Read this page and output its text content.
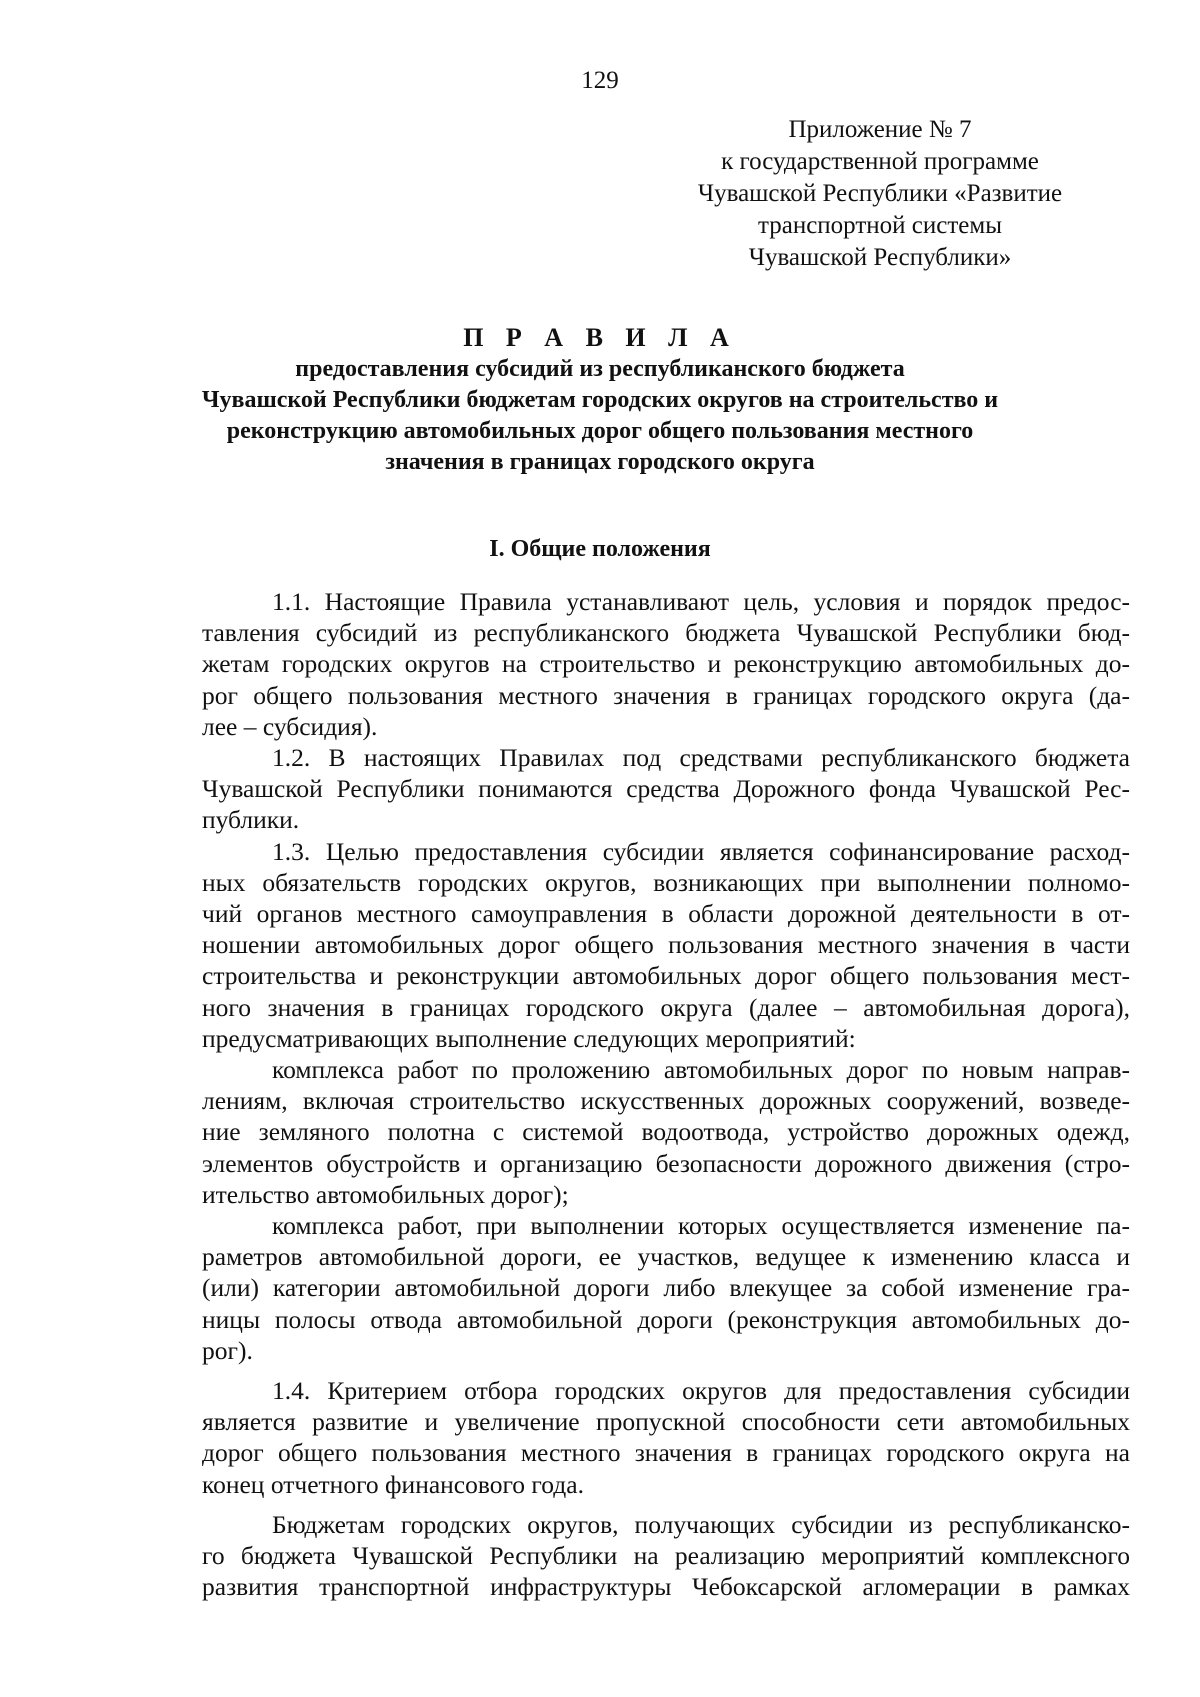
129
Приложение № 7
к государственной программе
Чувашской Республики «Развитие
транспортной системы
Чувашской Республики»
П Р А В И Л А
предоставления субсидий из республиканского бюджета
Чувашской Республики бюджетам городских округов на строительство и
реконструкцию автомобильных дорог общего пользования местного
значения в границах городского округа
I. Общие положения
1.1. Настоящие Правила устанавливают цель, условия и порядок предос-
тавления субсидий из республиканского бюджета Чувашской Республики бюд-
жетам городских округов на строительство и реконструкцию автомобильных до-
рог общего пользования местного значения в границах городского округа (да-
лее – субсидия).
1.2. В настоящих Правилах под средствами республиканского бюджета
Чувашской Республики понимаются средства Дорожного фонда Чувашской Рес-
публики.
1.3. Целью предоставления субсидии является софинансирование расход-
ных обязательств городских округов, возникающих при выполнении полномо-
чий органов местного самоуправления в области дорожной деятельности в от-
ношении автомобильных дорог общего пользования местного значения в части
строительства и реконструкции автомобильных дорог общего пользования мест-
ного значения в границах городского округа (далее – автомобильная дорога),
предусматривающих выполнение следующих мероприятий:
комплекса работ по проложению автомобильных дорог по новым направ-
лениям, включая строительство искусственных дорожных сооружений, возведе-
ние земляного полотна с системой водоотвода, устройство дорожных одежд,
элементов обустройств и организацию безопасности дорожного движения (стро-
ительство автомобильных дорог);
комплекса работ, при выполнении которых осуществляется изменение па-
раметров автомобильной дороги, ее участков, ведущее к изменению класса и
(или) категории автомобильной дороги либо влекущее за собой изменение гра-
ницы полосы отвода автомобильной дороги (реконструкция автомобильных до-
рог).
1.4. Критерием отбора городских округов для предоставления субсидии
является развитие и увеличение пропускной способности сети автомобильных
дорог общего пользования местного значения в границах городского округа на
конец отчетного финансового года.
Бюджетам городских округов, получающих субсидии из республиканско-
го бюджета Чувашской Республики на реализацию мероприятий комплексного
развития транспортной инфраструктуры Чебоксарской агломерации в рамках
